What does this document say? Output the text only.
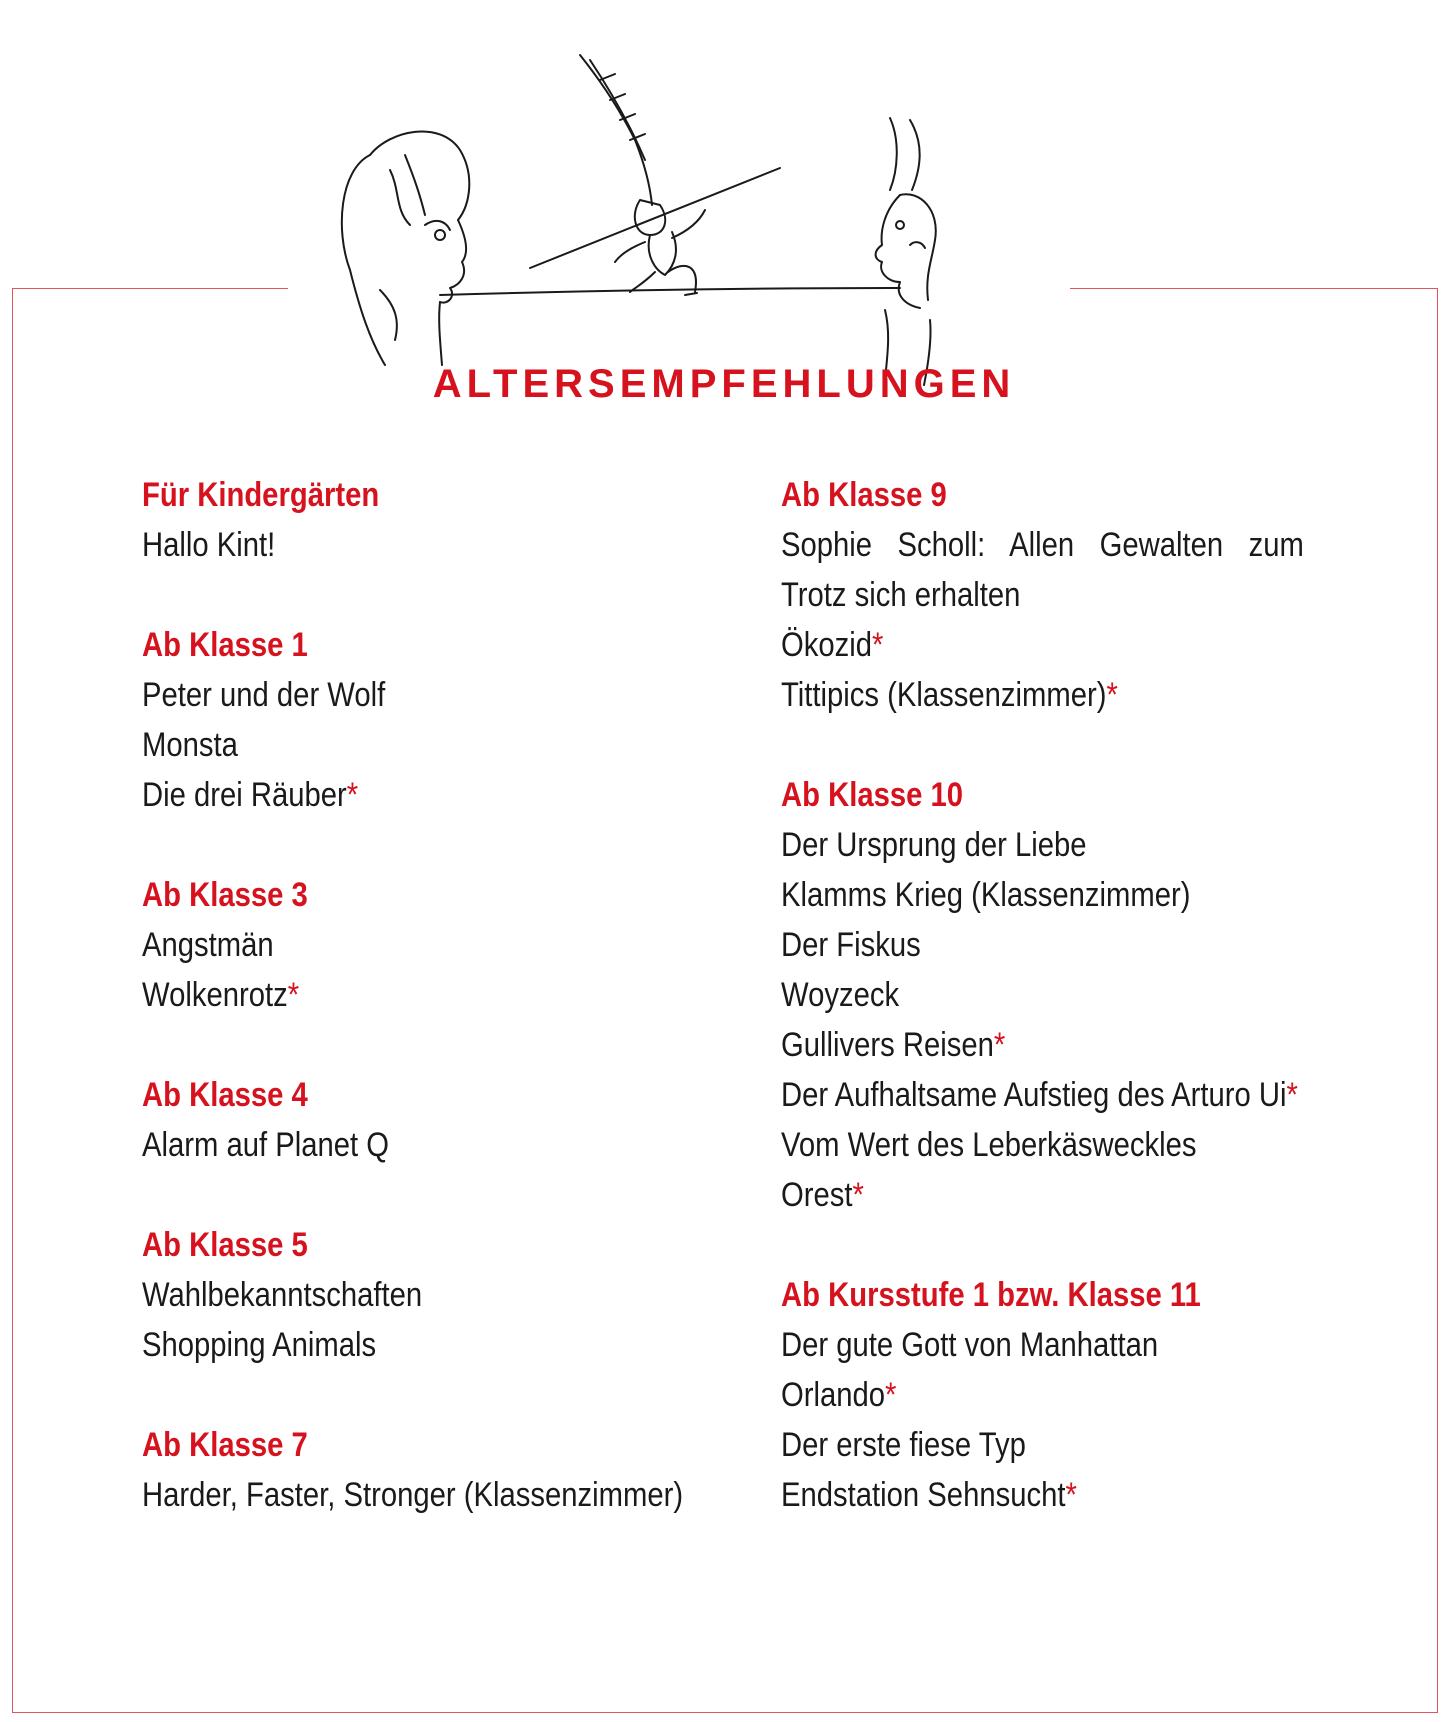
ALTERSEMPFEHLUNGEN
Für Kindergärten
Hallo Kint!
Ab Klasse 1
Peter und der Wolf
Monsta
Die drei Räuber*
Ab Klasse 3
Angstmän
Wolkenrotz*
Ab Klasse 4
Alarm auf Planet Q
Ab Klasse 5
Wahlbekanntschaften
Shopping Animals
Ab Klasse 7
Harder, Faster, Stronger (Klassenzimmer)
Ab Klasse 9
Sophie Scholl: Allen Gewalten zum Trotz sich erhalten
Ökozid*
Tittipics (Klassenzimmer)*
Ab Klasse 10
Der Ursprung der Liebe
Klamms Krieg (Klassenzimmer)
Der Fiskus
Woyzeck
Gullivers Reisen*
Der Aufhaltsame Aufstieg des Arturo Ui*
Vom Wert des Leberkäsweckles
Orest*
Ab Kursstufe 1 bzw. Klasse 11
Der gute Gott von Manhattan
Orlando*
Der erste fiese Typ
Endstation Sehnsucht*
